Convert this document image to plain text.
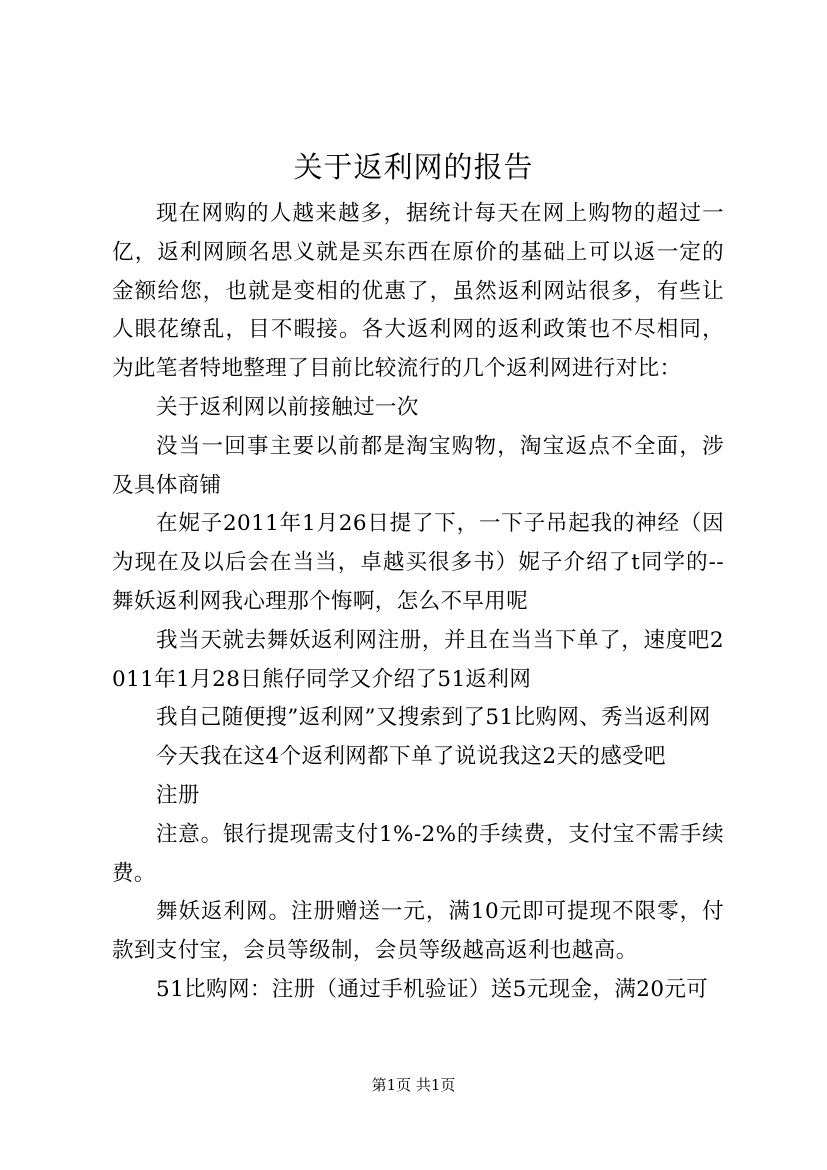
关于返利网的报告

现在网购的人越来越多，据统计每天在网上购物的超过一亿，返利网顾名思义就是买东西在原价的基础上可以返一定的金额给您，也就是变相的优惠了，虽然返利网站很多，有些让人眼花缭乱，目不暇接。各大返利网的返利政策也不尽相同，为此笔者特地整理了目前比较流行的几个返利网进行对比：

关于返利网以前接触过一次

没当一回事主要以前都是淘宝购物，淘宝返点不全面，涉及具体商铺

在妮子2011年1月26日提了下，一下子吊起我的神经（因为现在及以后会在当当，卓越买很多书）妮子介绍了t同学的--舞妖返利网我心理那个悔啊，怎么不早用呢

我当天就去舞妖返利网注册，并且在当当下单了，速度吧2011年1月28日熊仔同学又介绍了51返利网

我自己随便搜”返利网”又搜索到了51比购网、秀当返利网

今天我在这4个返利网都下单了说说我这2天的感受吧

注册

注意。银行提现需支付1%-2%的手续费，支付宝不需手续费。

舞妖返利网。注册赠送一元，满10元即可提现不限零，付款到支付宝，会员等级制，会员等级越高返利也越高。

51比购网：注册（通过手机验证）送5元现金，满20元可

第1页 共1页
